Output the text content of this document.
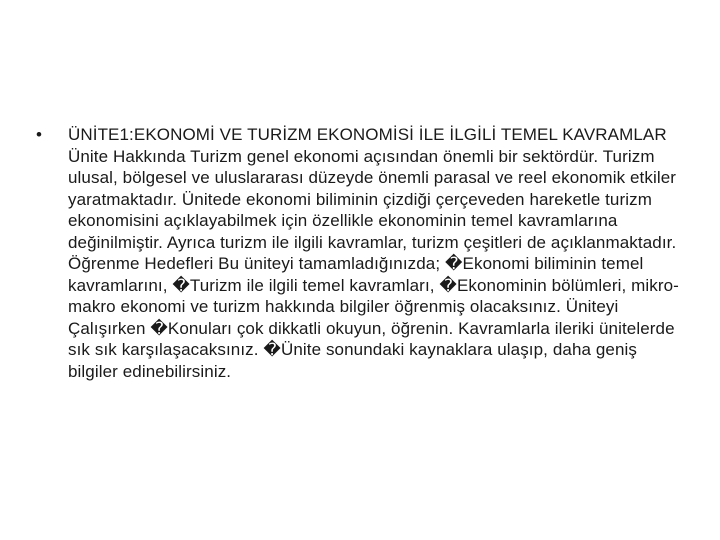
•	ÜNİTE1:EKONOMİ VE TURİZM EKONOMİSİ İLE İLGİLİ TEMEL KAVRAMLAR Ünite Hakkında Turizm genel ekonomi açısından önemli bir sektördür. Turizm ulusal, bölgesel ve uluslararası düzeyde önemli parasal ve reel ekonomik etkiler yaratmaktadır. Ünitede ekonomi biliminin çizdiği çerçeveden hareketle turizm ekonomisini açıklayabilmek için özellikle ekonominin temel kavramlarına değinilmiştir. Ayrıca turizm ile ilgili kavramlar, turizm çeşitleri de açıklanmaktadır. Öğrenme Hedefleri Bu üniteyi tamamladığınızda; �Ekonomi biliminin temel kavramlarını, �Turizm ile ilgili temel kavramları, �Ekonominin bölümleri, mikro-makro ekonomi ve turizm hakkında bilgiler öğrenmiş olacaksınız. Üniteyi Çalışırken �Konuları çok dikkatli okuyun, öğrenin. Kavramlarla ileriki ünitelerde sık sık karşılaşacaksınız. �Ünite sonundaki kaynaklara ulaşıp, daha geniş bilgiler edinebilirsiniz.
